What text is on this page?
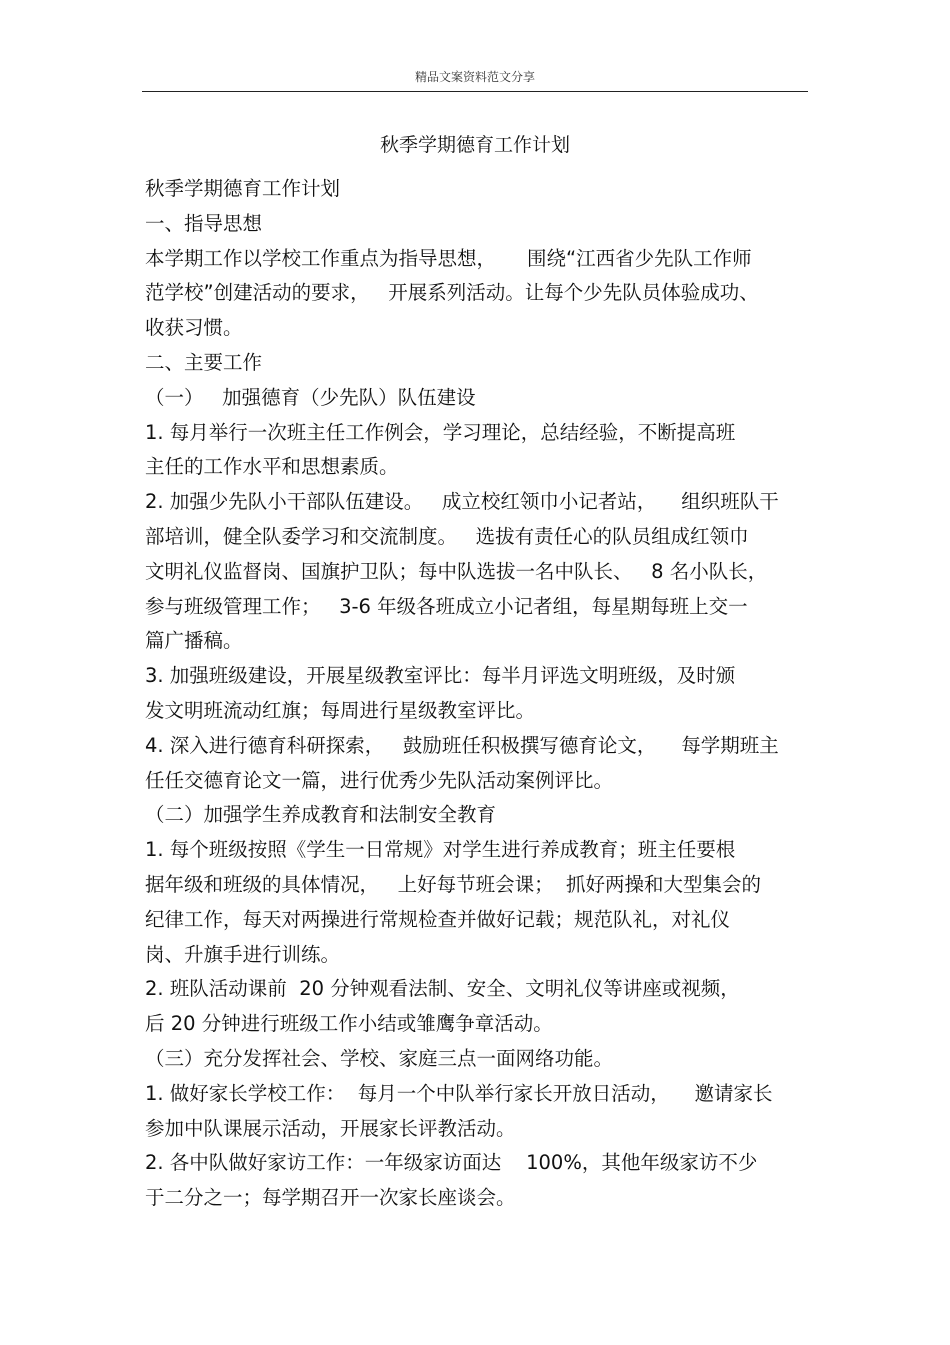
精品文案资料范文分享
秋季学期德育工作计划
秋季学期德育工作计划
一、指导思想
本学期工作以学校工作重点为指导思想，     围绕“江西省少先队工作师
范学校”创建活动的要求，   开展系列活动。让每个少先队员体验成功、
收获习惯。
二、主要工作
（一）   加强德育（少先队）队伍建设
1. 每月举行一次班主任工作例会，学习理论，总结经验，不断提高班
主任的工作水平和思想素质。
2. 加强少先队小干部队伍建设。   成立校红领巾小记者站，    组织班队干
部培训，健全队委学习和交流制度。   选拔有责任心的队员组成红领巾
文明礼仪监督岗、国旗护卫队；每中队选拔一名中队长、   8 名小队长，
参与班级管理工作；   3-6 年级各班成立小记者组，每星期每班上交一
篇广播稿。
3. 加强班级建设，开展星级教室评比：每半月评选文明班级，及时颁
发文明班流动红旗；每周进行星级教室评比。
4. 深入进行德育科研探索，   鼓励班任积极撰写德育论文，    每学期班主
任任交德育论文一篇，进行优秀少先队活动案例评比。
（二）加强学生养成教育和法制安全教育
1. 每个班级按照《学生一日常规》对学生进行养成教育；班主任要根
据年级和班级的具体情况，   上好每节班会课；  抓好两操和大型集会的
纪律工作，每天对两操进行常规检查并做好记载；规范队礼，对礼仪
岗、升旗手进行训练。
2. 班队活动课前  20 分钟观看法制、安全、文明礼仪等讲座或视频，
后 20 分钟进行班级工作小结或雏鹰争章活动。
（三）充分发挥社会、学校、家庭三点一面网络功能。
1. 做好家长学校工作：  每月一个中队举行家长开放日活动，    邀请家长
参加中队课展示活动，开展家长评教活动。
2. 各中队做好家访工作：一年级家访面达    100%，其他年级家访不少
于二分之一；每学期召开一次家长座谈会。
